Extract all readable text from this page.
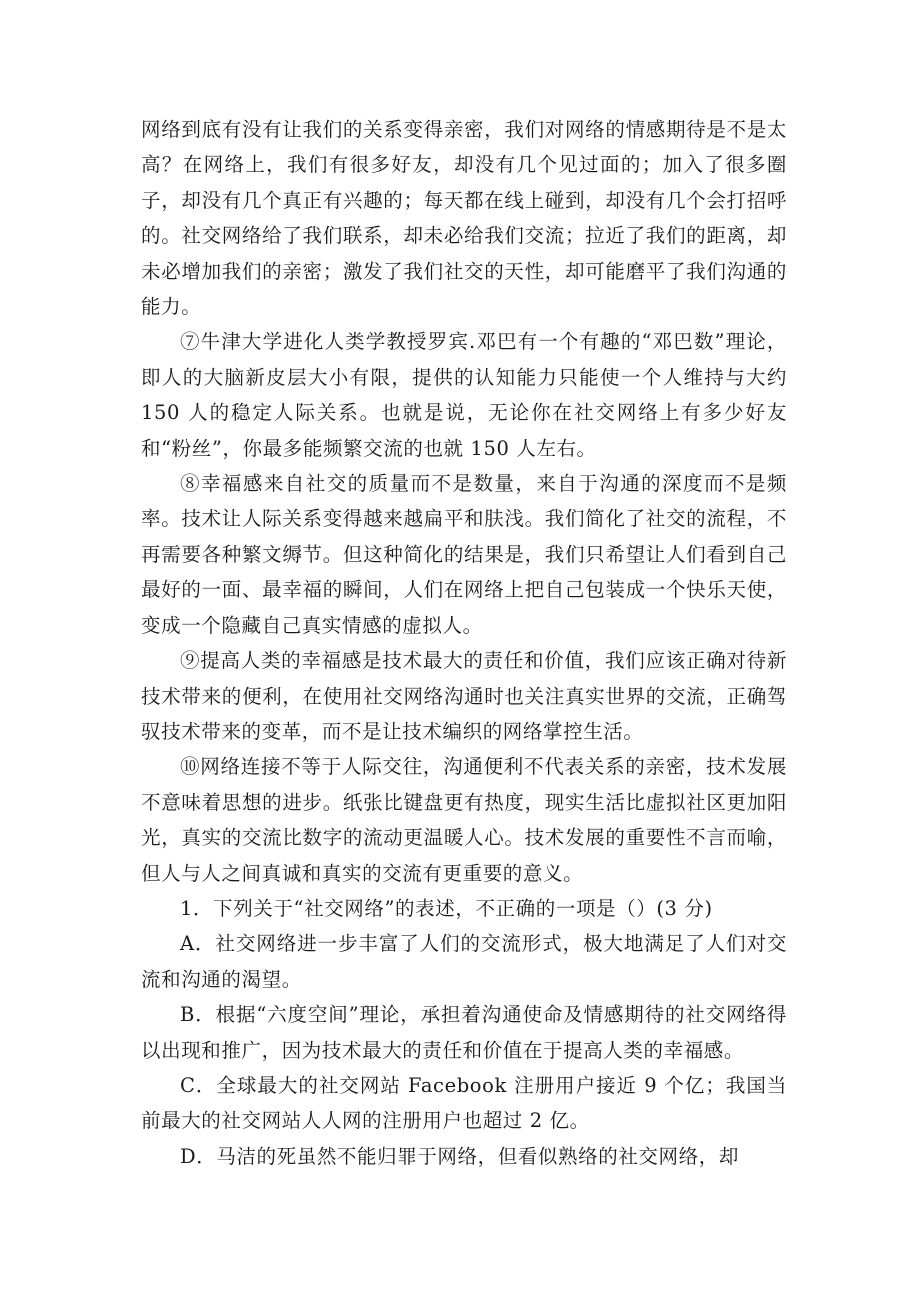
网络到底有没有让我们的关系变得亲密，我们对网络的情感期待是不是太高？在网络上，我们有很多好友，却没有几个见过面的；加入了很多圈子，却没有几个真正有兴趣的；每天都在线上碰到，却没有几个会打招呼的。社交网络给了我们联系，却未必给我们交流；拉近了我们的距离，却未必增加我们的亲密；激发了我们社交的天性，却可能磨平了我们沟通的能力。

⑦牛津大学进化人类学教授罗宾.邓巴有一个有趣的“邓巴数”理论，即人的大脑新皮层大小有限，提供的认知能力只能使一个人维持与大约 150 人的稳定人际关系。也就是说，无论你在社交网络上有多少好友和“粉丝”，你最多能频繁交流的也就 150 人左右。

⑧幸福感来自社交的质量而不是数量，来自于沟通的深度而不是频率。技术让人际关系变得越来越扁平和肤浅。我们简化了社交的流程，不再需要各种繁文缛节。但这种简化的结果是，我们只希望让人们看到自己最好的一面、最幸福的瞬间，人们在网络上把自己包装成一个快乐天使，变成一个隐藏自己真实情感的虚拟人。

⑨提高人类的幸福感是技术最大的责任和价值，我们应该正确对待新技术带来的便利，在使用社交网络沟通时也关注真实世界的交流，正确驾驭技术带来的变革，而不是让技术编织的网络掌控生活。

⑩网络连接不等于人际交往，沟通便利不代表关系的亲密，技术发展不意味着思想的进步。纸张比键盘更有热度，现实生活比虚拟社区更加阳光，真实的交流比数字的流动更温暖人心。技术发展的重要性不言而喻，但人与人之间真诚和真实的交流有更重要的意义。

1．下列关于“社交网络”的表述，不正确的一项是（）(3 分)

A．社交网络进一步丰富了人们的交流形式，极大地满足了人们对交流和沟通的渴望。

B．根据“六度空间”理论，承担着沟通使命及情感期待的社交网络得以出现和推广，因为技术最大的责任和价值在于提高人类的幸福感。

C．全球最大的社交网站 Facebook 注册用户接近 9 个亿；我国当前最大的社交网站人人网的注册用户也超过 2 亿。

D．马洁的死虽然不能归罪于网络，但看似熟络的社交网络，却
